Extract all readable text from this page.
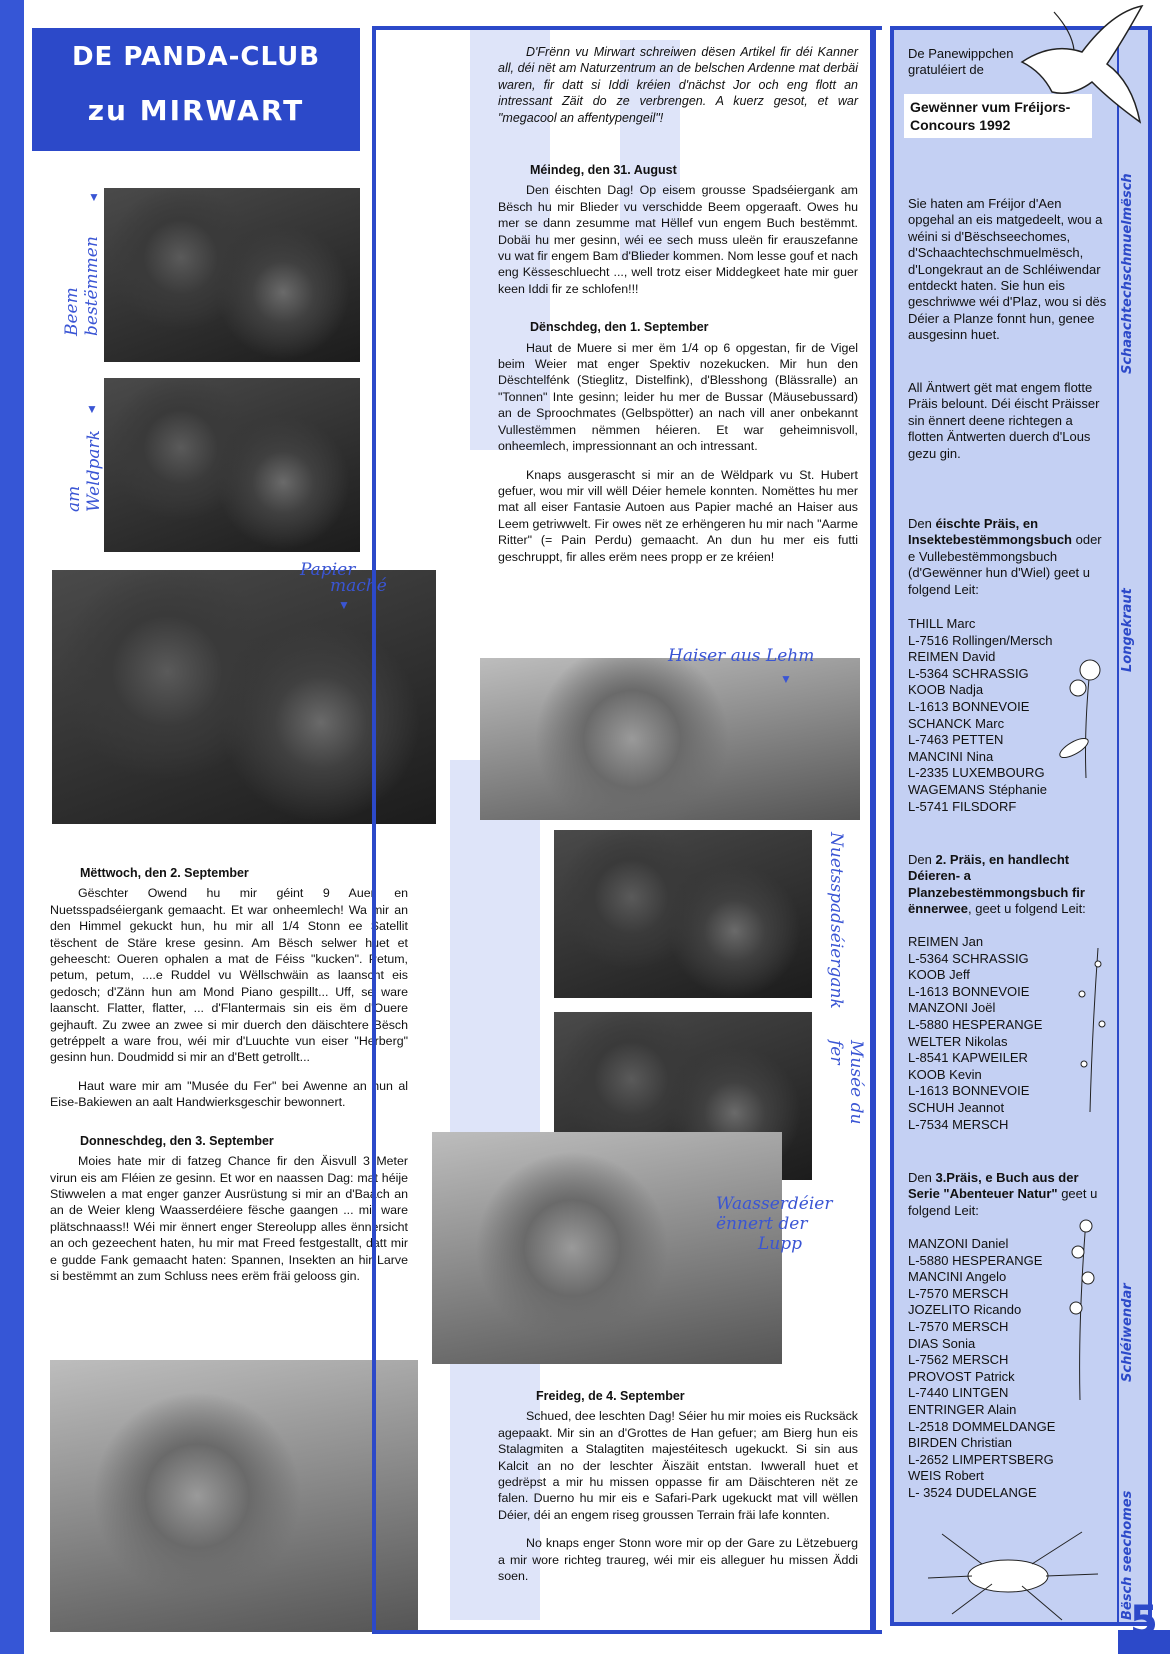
DE PANDA-CLUB
zu MIRWART
Beem bestëmmen
▼
am Weldpark
▼
Papier
maché
▼
Mëttwoch, den 2. September

Gëschter Owend hu mir géint 9 Auer en Nuetsspadséiergank gemaacht. Et war onheemlech! Wa mir an den Himmel gekuckt hun, hu mir all 1/4 Stonn ee Satellit tëschent de Stäre krese gesinn. Am Bësch selwer huet et geheescht: Oueren ophalen a mat de Féiss "kucken". Petum, petum, petum, ....e Ruddel vu Wëllschwäin as laanscht eis gedosch; d'Zänn hun am Mond Piano gespillt... Uff, se ware laanscht. Flatter, flatter, ... d'Flantermais sin eis ëm d'Ouere gejhauft. Zu zwee an zwee si mir duerch den däischtere Bësch getréppelt a ware frou, wéi mir d'Luuchte vun eiser "Herberg" gesinn hun. Doudmidd si mir an d'Bett getrollt...

Haut ware mir am "Musée du Fer" bei Awenne an hun al Eise-Bakiewen an aalt Handwierksgeschir bewonnert.

Donneschdeg, den 3. September

Moies hate mir di fatzeg Chance fir den Äisvull 3 Meter virun eis am Fléien ze gesinn. Et wor en naassen Dag: mat héije Stiwwelen a mat enger ganzer Ausrüstung si mir an d'Baach an an de Weier kleng Waasserdéiere fësche gaangen ... mir ware plätschnaass!! Wéi mir ënnert enger Stereolupp alles ënnersicht an och gezeechent haten, hu mir mat Freed festgestallt, datt mir e gudde Fank gemaacht haten: Spannen, Insekten an hir Larve si bestëmmt an zum Schluss nees erëm fräi gelooss gin.

D'Frënn vu Mirwart schreiwen dësen Artikel fir déi Kanner all, déi nët am Naturzentrum an de belschen Ardenne mat derbäi waren, fir datt si Iddi kréien d'nächst Jor och eng flott an intressant Zäit do ze verbrengen. A kuerz gesot, et war "megacool an affentypengeil"!

Méindeg, den 31. August

Den éischten Dag! Op eisem grousse Spadséiergank am Bësch hu mir Blieder vu verschidde Beem opgeraaft. Owes hu mer se dann zesumme mat Hëllef vun engem Buch bestëmmt. Dobäi hu mer gesinn, wéi ee sech muss uleën fir erauszefanne vu wat fir engem Bam d'Blieder kommen. Nom lesse gouf et nach eng Kësseschluecht ..., well trotz eiser Middegkeet hate mir guer keen Iddi fir ze schlofen!!!

Dënschdeg, den 1. September

Haut de Muere si mer ëm 1/4 op 6 opgestan, fir de Vigel beim Weier mat enger Spektiv nozekucken. Mir hun den Dëschtelfénk (Stieglitz, Distelfink), d'Blesshong (Blässralle) an "Tonnen" Inte gesinn; leider hu mer de Bussar (Mäusebussard) an de Sproochmates (Gelbspötter) an nach vill aner onbekannt Vullestëmmen nëmmen héieren. Et war geheimnisvoll, onheemlech, impressionnant an och intressant.

Knaps ausgerascht si mir an de Wëldpark vu St. Hubert gefuer, wou mir vill wëll Déier hemele konnten. Nomëttes hu mer mat all eiser Fantasie Autoen aus Papier maché an Haiser aus Leem getriwwelt. Fir owes nët ze erhëngeren hu mir nach "Aarme Ritter" (= Pain Perdu) gemaacht. An dun hu mer eis futti geschruppt, fir alles erëm nees propp er ze kréien!

Haiser aus Lehm
▼
Nuetsspadséiergank
Musée du fer
Waasserdéier
ënnert der
Lupp
Freideg, de 4. September

Schued, dee leschten Dag! Séier hu mir moies eis Rucksäck agepaakt. Mir sin an d'Grottes de Han gefuer; am Bierg hun eis Stalagmiten a Stalagtiten majestéitesch ugekuckt. Si sin aus Kalcit an no der leschter Äiszäit entstan. Iwwerall huet et gedrëpst a mir hu missen oppasse fir am Däischteren nët ze falen. Duerno hu mir eis e Safari-Park ugekuckt mat vill wëllen Déier, déi an engem riseg groussen Terrain fräi lafe konnten.

No knaps enger Stonn wore mir op der Gare zu Lëtzebuerg a mir wore richteg traureg, wéi mir eis alleguer hu missen Äddi soen.

De Panewippchen gratuléiert de
Gewënner vum Fréijors-Concours 1992
Sie haten am Fréijor d'Aen opgehal an eis matgedeelt, wou a wéini si d'Bëschseechomes, d'Schaachtechschmuelmësch, d'Longekraut an de Schléiwendar entdeckt haten. Sie hun eis geschriwwe wéi d'Plaz, wou si dës Déier a Planze fonnt hun, genee ausgesinn huet.
All Äntwert gët mat engem flotte Präis belount. Déi éischt Präisser sin ënnert deene richtegen a flotten Äntwerten duerch d'Lous gezu gin.
Den éischte Präis, en Insektebestëmmongsbuch oder e Vullebestëmmongsbuch (d'Gewënner hun d'Wiel) geet u folgend Leit:
THILL Marc
L-7516 Rollingen/Mersch
REIMEN David
L-5364 SCHRASSIG
KOOB Nadja
L-1613 BONNEVOIE
SCHANCK Marc
L-7463 PETTEN
MANCINI Nina
L-2335 LUXEMBOURG
WAGEMANS Stéphanie
L-5741 FILSDORF
Den 2. Präis, en handlecht Déieren- a Planzebestëmmongsbuch fir ënnerwee, geet u folgend Leit:
REIMEN Jan
L-5364 SCHRASSIG
KOOB Jeff
L-1613 BONNEVOIE
MANZONI Joël
L-5880 HESPERANGE
WELTER Nikolas
L-8541 KAPWEILER
KOOB Kevin
L-1613 BONNEVOIE
SCHUH Jeannot
L-7534 MERSCH
Den 3.Präis, e Buch aus der Serie "Abenteuer Natur" geet u folgend Leit:
MANZONI Daniel
L-5880 HESPERANGE
MANCINI Angelo
L-7570 MERSCH
JOZELITO Ricando
L-7570 MERSCH
DIAS Sonia
L-7562 MERSCH
PROVOST Patrick
L-7440 LINTGEN
ENTRINGER Alain
L-2518 DOMMELDANGE
BIRDEN Christian
L-2652 LIMPERTSBERG
WEIS Robert
L- 3524 DUDELANGE
Schaachtechschmuelmësch
Longekraut
Schléiwendar
Bësch seechomes
5
